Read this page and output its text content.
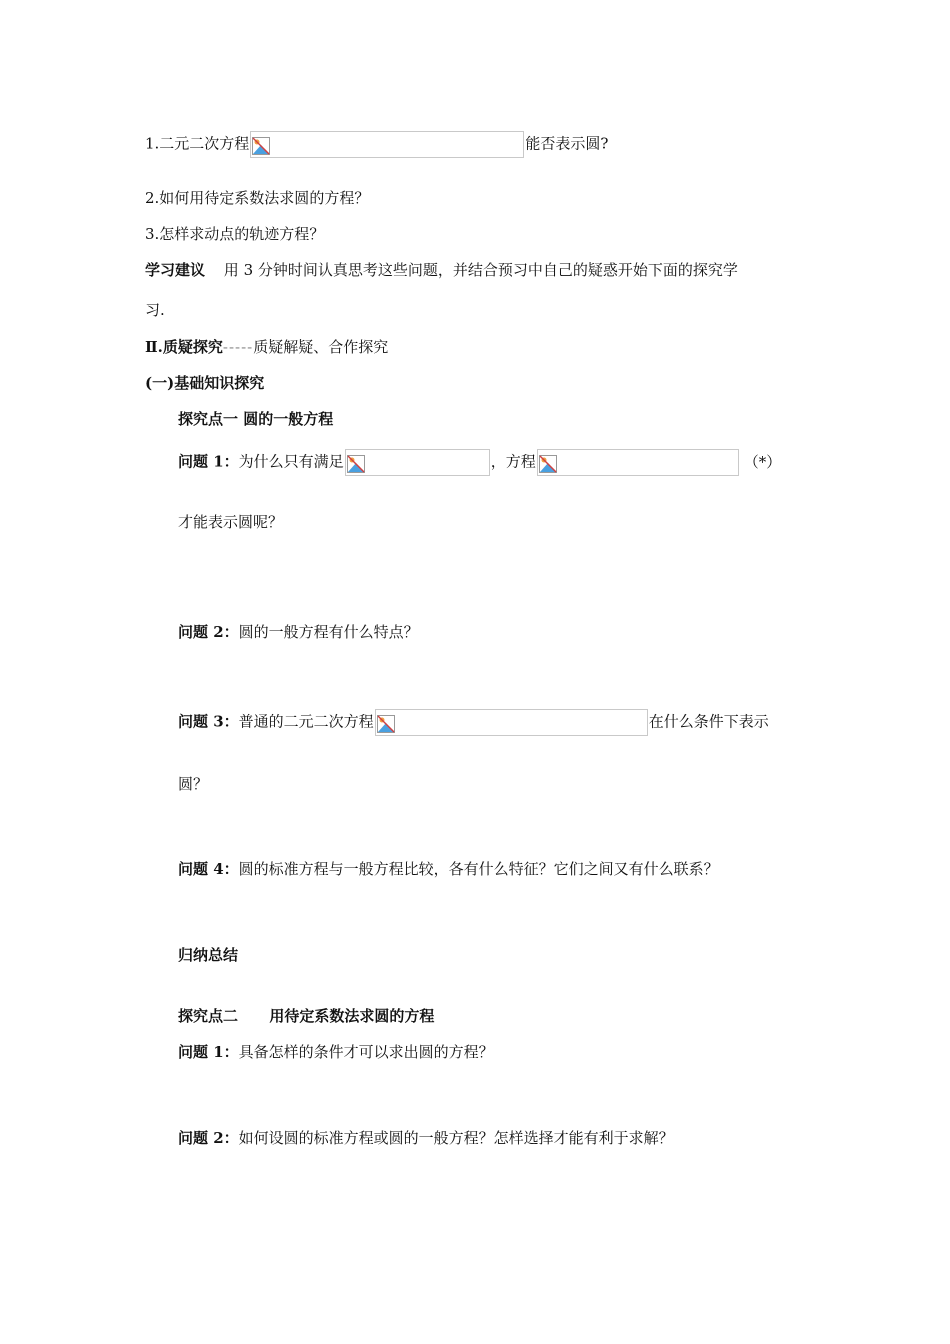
1.二元二次方程	能否表示圆?
2.如何用待定系数法求圆的方程？
3.怎样求动点的轨迹方程？
学习建议 用 3 分钟时间认真思考这些问题，并结合预习中自己的疑惑开始下面的探究学
习.
Ⅱ.质疑探究-----质疑解疑、合作探究
(一)基础知识探究
探究点一 圆的一般方程
问题 1：为什么只有满足	，方程	（*）
才能表示圆呢？
问题 2：圆的一般方程有什么特点？
问题 3：普通的二元二次方程	在什么条件下表示
圆？
问题 4：圆的标准方程与一般方程比较，各有什么特征？它们之间又有什么联系？
归纳总结
探究点二      用待定系数法求圆的方程
问题 1：具备怎样的条件才可以求出圆的方程？
问题 2：如何设圆的标准方程或圆的一般方程？怎样选择才能有利于求解？
